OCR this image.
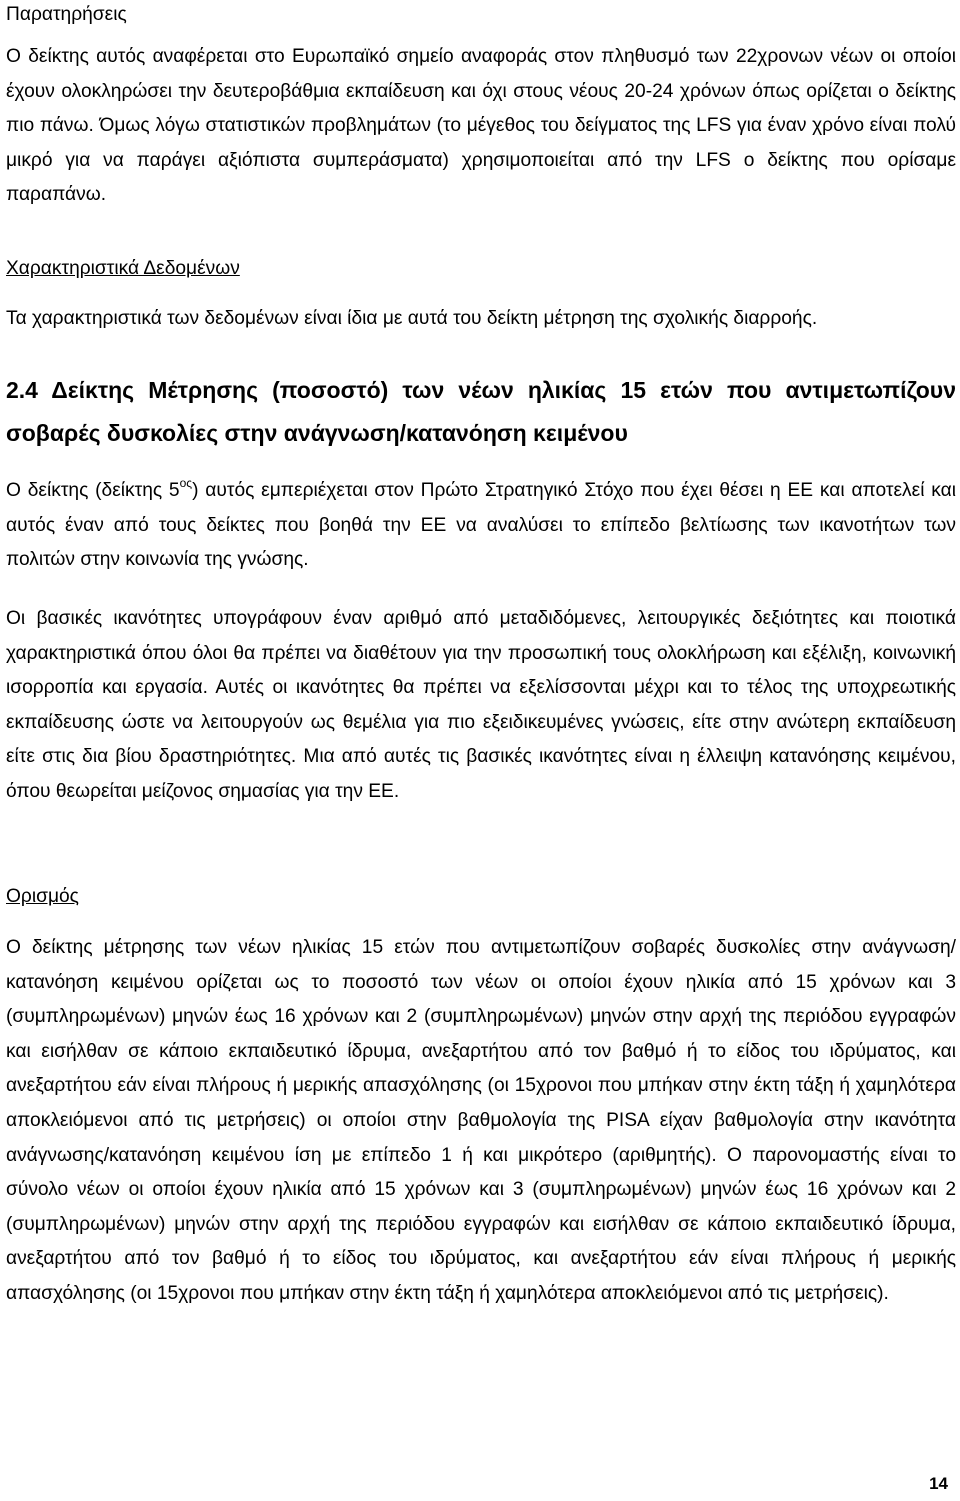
Παρατηρήσεις

Ο δείκτης αυτός αναφέρεται στο Ευρωπαϊκό σημείο αναφοράς στον πληθυσμό των 22χρονων νέων οι οποίοι έχουν ολοκληρώσει την δευτεροβάθμια εκπαίδευση και όχι στους νέους 20-24 χρόνων όπως ορίζεται ο δείκτης πιο πάνω. Όμως λόγω στατιστικών προβλημάτων (το μέγεθος του δείγματος της LFS για έναν χρόνο είναι πολύ μικρό για να παράγει αξιόπιστα συμπεράσματα) χρησιμοποιείται από την LFS ο δείκτης που ορίσαμε παραπάνω.

Χαρακτηριστικά Δεδομένων

Τα χαρακτηριστικά των δεδομένων είναι ίδια με αυτά του δείκτη μέτρηση της σχολικής διαρροής.

2.4 Δείκτης Μέτρησης (ποσοστό) των νέων ηλικίας 15 ετών που αντιμετωπίζουν σοβαρές δυσκολίες στην ανάγνωση/κατανόηση κειμένου

Ο δείκτης (δείκτης $5^{o\varsigma}$) αυτός εμπεριέχεται στον Πρώτο Στρατηγικό Στόχο που έχει θέσει η ΕΕ και αποτελεί και αυτός έναν από τους δείκτες που βοηθά την ΕΕ να αναλύσει το επίπεδο βελτίωσης των ικανοτήτων των πολιτών στην κοινωνία της γνώσης.

Οι βασικές ικανότητες υπογράφουν έναν αριθμό από μεταδιδόμενες, λειτουργικές δεξιότητες και ποιοτικά χαρακτηριστικά όπου όλοι θα πρέπει να διαθέτουν για την προσωπική τους ολοκλήρωση και εξέλιξη, κοινωνική ισορροπία και εργασία. Αυτές οι ικανότητες θα πρέπει να εξελίσσονται μέχρι και το τέλος της υποχρεωτικής εκπαίδευσης ώστε να λειτουργούν ως θεμέλια για πιο εξειδικευμένες γνώσεις, είτε στην ανώτερη εκπαίδευση είτε στις δια βίου δραστηριότητες. Μια από αυτές τις βασικές ικανότητες είναι η έλλειψη κατανόησης κειμένου, όπου θεωρείται μείζονος σημασίας για την ΕΕ.

Ορισμός

Ο δείκτης μέτρησης των νέων ηλικίας 15 ετών που αντιμετωπίζουν σοβαρές δυσκολίες στην ανάγνωση/κατανόηση κειμένου ορίζεται ως το ποσοστό των νέων οι οποίοι έχουν ηλικία από 15 χρόνων και 3 (συμπληρωμένων) μηνών έως 16 χρόνων και 2 (συμπληρωμένων) μηνών στην αρχή της περιόδου εγγραφών και εισήλθαν σε κάποιο εκπαιδευτικό ίδρυμα, ανεξαρτήτου από τον βαθμό ή το είδος του ιδρύματος, και ανεξαρτήτου εάν είναι πλήρους ή μερικής απασχόλησης (οι 15χρονοι που μπήκαν στην έκτη τάξη ή χαμηλότερα αποκλειόμενοι από τις μετρήσεις) οι οποίοι στην βαθμολογία της PISA είχαν βαθμολογία στην ικανότητα ανάγνωσης/κατανόηση κειμένου ίση με επίπεδο 1 ή και μικρότερο (αριθμητής). Ο παρονομαστής είναι το σύνολο νέων οι οποίοι έχουν ηλικία από 15 χρόνων και 3 (συμπληρωμένων) μηνών έως 16 χρόνων και 2 (συμπληρωμένων) μηνών στην αρχή της περιόδου εγγραφών και εισήλθαν σε κάποιο εκπαιδευτικό ίδρυμα, ανεξαρτήτου από τον βαθμό ή το είδος του ιδρύματος, και ανεξαρτήτου εάν είναι πλήρους ή μερικής απασχόλησης (οι 15χρονοι που μπήκαν στην έκτη τάξη ή χαμηλότερα αποκλειόμενοι από τις μετρήσεις).

14
